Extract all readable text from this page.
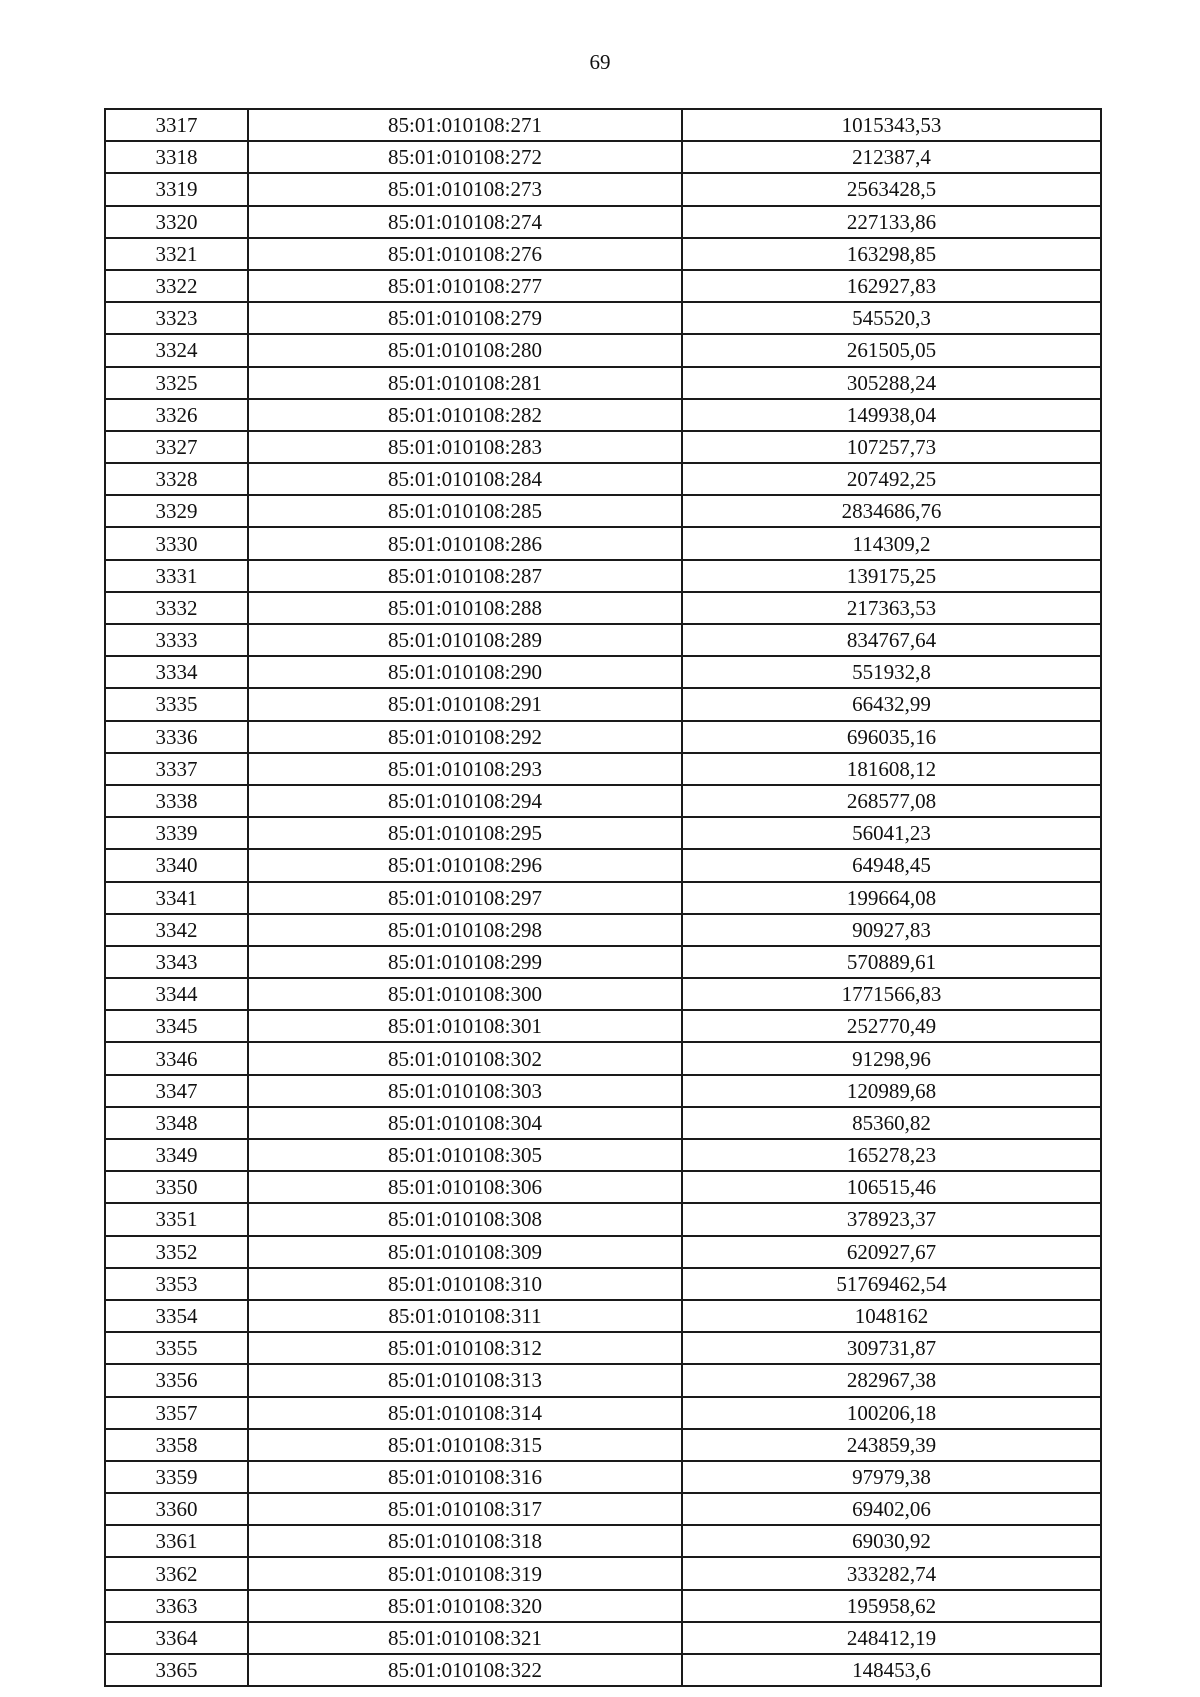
69
3317	85:01:010108:271	1015343,53
3318	85:01:010108:272	212387,4
3319	85:01:010108:273	2563428,5
3320	85:01:010108:274	227133,86
3321	85:01:010108:276	163298,85
3322	85:01:010108:277	162927,83
3323	85:01:010108:279	545520,3
3324	85:01:010108:280	261505,05
3325	85:01:010108:281	305288,24
3326	85:01:010108:282	149938,04
3327	85:01:010108:283	107257,73
3328	85:01:010108:284	207492,25
3329	85:01:010108:285	2834686,76
3330	85:01:010108:286	114309,2
3331	85:01:010108:287	139175,25
3332	85:01:010108:288	217363,53
3333	85:01:010108:289	834767,64
3334	85:01:010108:290	551932,8
3335	85:01:010108:291	66432,99
3336	85:01:010108:292	696035,16
3337	85:01:010108:293	181608,12
3338	85:01:010108:294	268577,08
3339	85:01:010108:295	56041,23
3340	85:01:010108:296	64948,45
3341	85:01:010108:297	199664,08
3342	85:01:010108:298	90927,83
3343	85:01:010108:299	570889,61
3344	85:01:010108:300	1771566,83
3345	85:01:010108:301	252770,49
3346	85:01:010108:302	91298,96
3347	85:01:010108:303	120989,68
3348	85:01:010108:304	85360,82
3349	85:01:010108:305	165278,23
3350	85:01:010108:306	106515,46
3351	85:01:010108:308	378923,37
3352	85:01:010108:309	620927,67
3353	85:01:010108:310	51769462,54
3354	85:01:010108:311	1048162
3355	85:01:010108:312	309731,87
3356	85:01:010108:313	282967,38
3357	85:01:010108:314	100206,18
3358	85:01:010108:315	243859,39
3359	85:01:010108:316	97979,38
3360	85:01:010108:317	69402,06
3361	85:01:010108:318	69030,92
3362	85:01:010108:319	333282,74
3363	85:01:010108:320	195958,62
3364	85:01:010108:321	248412,19
3365	85:01:010108:322	148453,6
